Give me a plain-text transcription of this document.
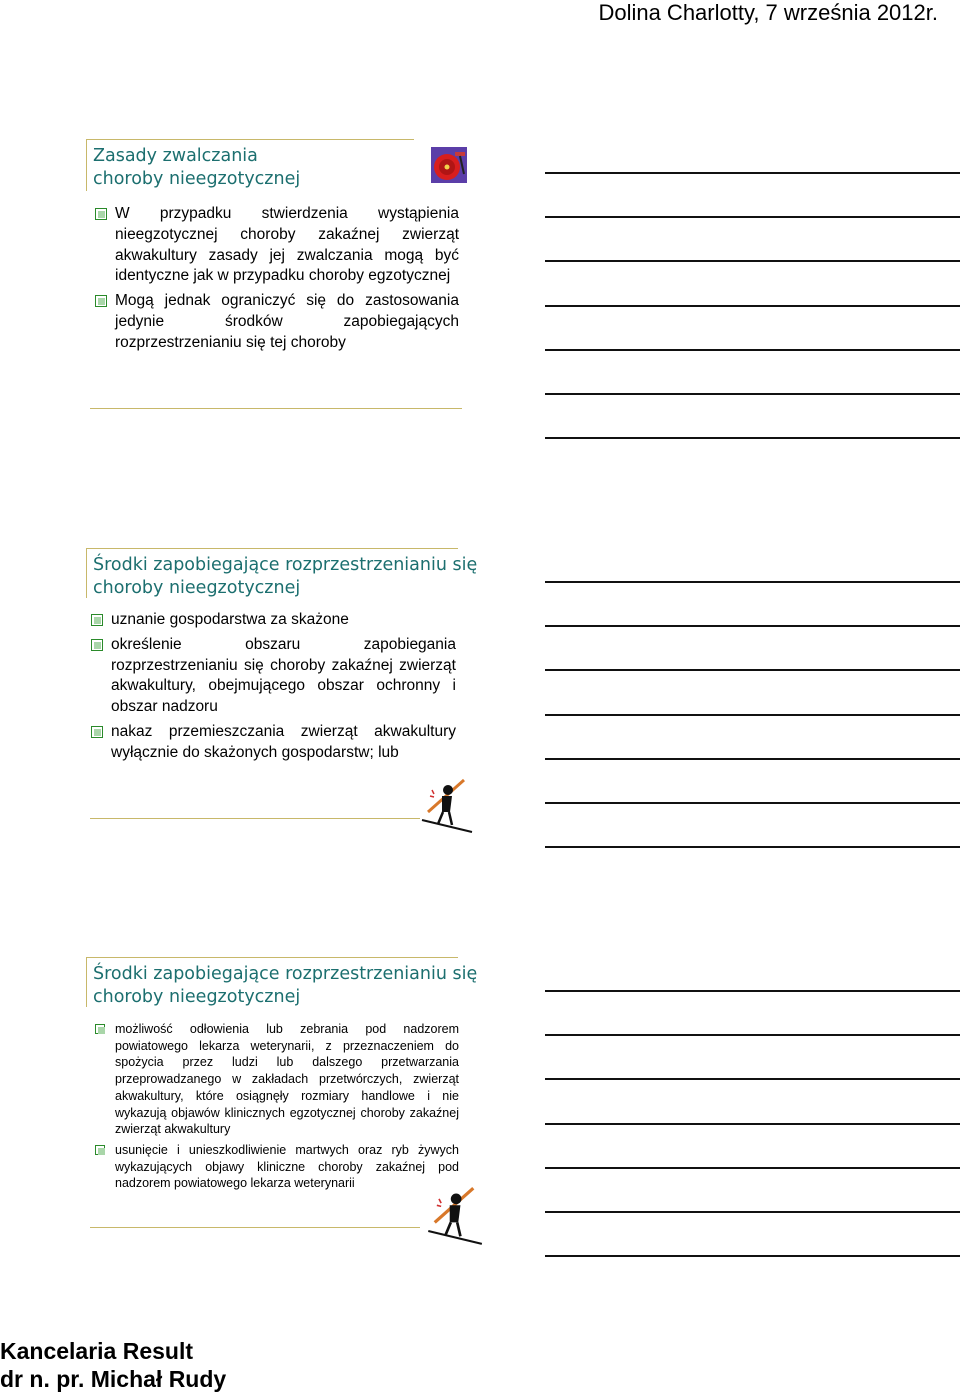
Dolina Charlotty, 7 września 2012r.
Zasady zwalczania
choroby nieegzotycznej
W przypadku stwierdzenia wystąpienia nieegzotycznej choroby zakaźnej zwierząt akwakultury zasady jej zwalczania mogą być identyczne jak w przypadku choroby egzotycznej
Mogą jednak ograniczyć się do zastosowania jedynie środków zapobiegających rozprzestrzenianiu się tej choroby
Środki zapobiegające rozprzestrzenianiu się
choroby nieegzotycznej
uznanie gospodarstwa za skażone
określenie obszaru zapobiegania rozprzestrzenianiu się choroby zakaźnej zwierząt akwakultury, obejmującego obszar ochronny i obszar nadzoru
nakaz przemieszczania zwierząt akwakultury wyłącznie do skażonych gospodarstw; lub
Środki zapobiegające rozprzestrzenianiu się
choroby nieegzotycznej
możliwość odłowienia lub zebrania pod nadzorem powiatowego lekarza weterynarii, z przeznaczeniem do spożycia przez ludzi lub dalszego przetwarzania przeprowadzanego w zakładach przetwórczych, zwierząt akwakultury, które osiągnęły rozmiary handlowe i nie wykazują objawów klinicznych egzotycznej choroby zakaźnej zwierząt akwakultury
usunięcie i unieszkodliwienie martwych oraz ryb żywych wykazujących objawy kliniczne choroby zakaźnej pod nadzorem powiatowego lekarza weterynarii
Kancelaria Result
dr n. pr. Michał Rudy
